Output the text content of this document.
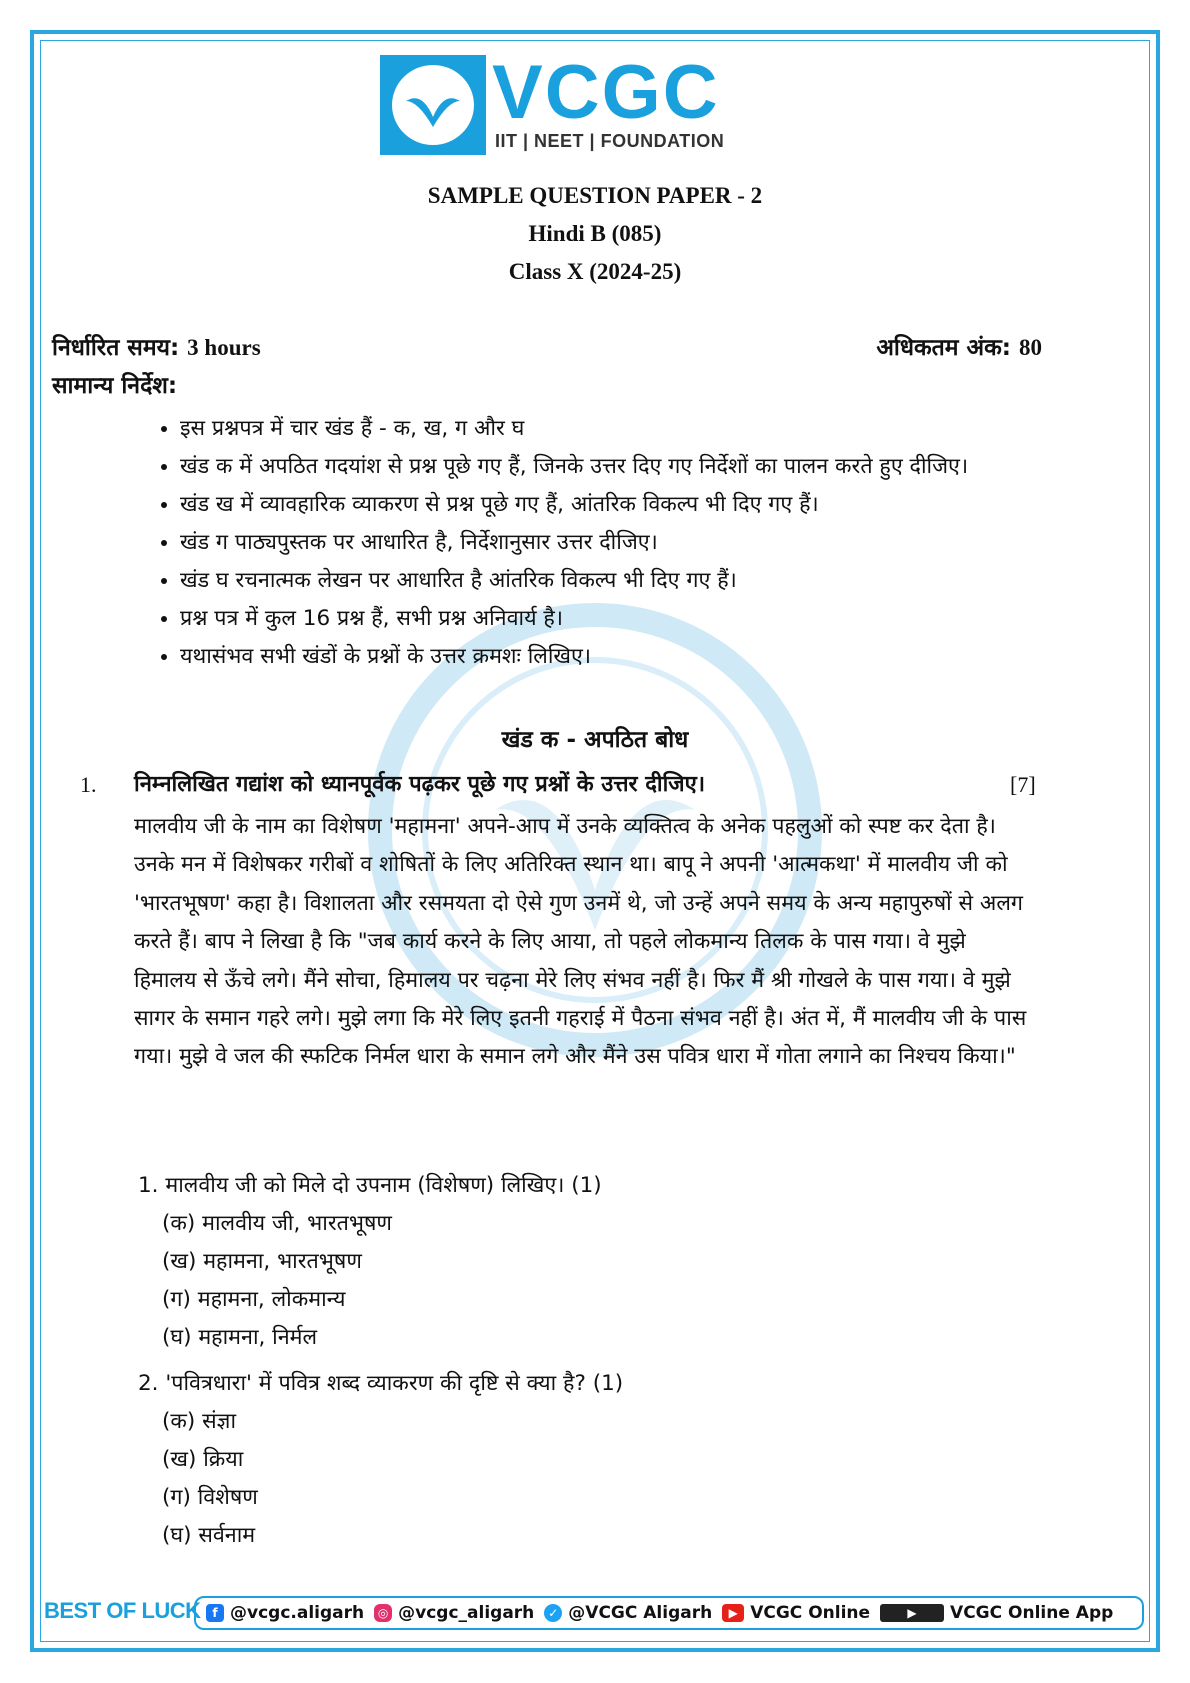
VCGC
IIT | NEET | FOUNDATION
SAMPLE QUESTION PAPER - 2
Hindi B (085)
Class X (2024-25)
निर्धारित समय: 3 hours	अधिकतम अंक: 80
सामान्य निर्देश:
• इस प्रश्नपत्र में चार खंड हैं - क, ख, ग और घ
• खंड क में अपठित गदयांश से प्रश्न पूछे गए हैं, जिनके उत्तर दिए गए निर्देशों का पालन करते हुए दीजिए।
• खंड ख में व्यावहारिक व्याकरण से प्रश्न पूछे गए हैं, आंतरिक विकल्प भी दिए गए हैं।
• खंड ग पाठ्यपुस्तक पर आधारित है, निर्देशानुसार उत्तर दीजिए।
• खंड घ रचनात्मक लेखन पर आधारित है आंतरिक विकल्प भी दिए गए हैं।
• प्रश्न पत्र में कुल 16 प्रश्न हैं, सभी प्रश्न अनिवार्य है।
• यथासंभव सभी खंडों के प्रश्नों के उत्तर क्रमशः लिखिए।
खंड क - अपठित बोध
1. निम्नलिखित गद्यांश को ध्यानपूर्वक पढ़कर पूछे गए प्रश्नों के उत्तर दीजिए।	[7]
मालवीय जी के नाम का विशेषण 'महामना' अपने-आप में उनके व्यक्तित्व के अनेक पहलुओं को स्पष्ट कर देता है। उनके मन में विशेषकर गरीबों व शोषितों के लिए अतिरिक्त स्थान था। बापू ने अपनी 'आत्मकथा' में मालवीय जी को 'भारतभूषण' कहा है। विशालता और रसमयता दो ऐसे गुण उनमें थे, जो उन्हें अपने समय के अन्य महापुरुषों से अलग करते हैं। बाप ने लिखा है कि "जब कार्य करने के लिए आया, तो पहले लोकमान्य तिलक के पास गया। वे मुझे हिमालय से ऊँचे लगे। मैंने सोचा, हिमालय पर चढ़ना मेरे लिए संभव नहीं है। फिर मैं श्री गोखले के पास गया। वे मुझे सागर के समान गहरे लगे। मुझे लगा कि मेरे लिए इतनी गहराई में पैठना संभव नहीं है। अंत में, मैं मालवीय जी के पास गया। मुझे वे जल की स्फटिक निर्मल धारा के समान लगे और मैंने उस पवित्र धारा में गोता लगाने का निश्चय किया।"
1. मालवीय जी को मिले दो उपनाम (विशेषण) लिखिए। (1)
(क) मालवीय जी, भारतभूषण
(ख) महामना, भारतभूषण
(ग) महामना, लोकमान्य
(घ) महामना, निर्मल
2. 'पवित्रधारा' में पवित्र शब्द व्याकरण की दृष्टि से क्या है? (1)
(क) संज्ञा
(ख) क्रिया
(ग) विशेषण
(घ) सर्वनाम
BEST OF LUCK f @vcgc.aligarh	◎ @vcgc_aligarh	✓ @VCGC Aligarh	▶ VCGC Online	▶	VCGC Online App
